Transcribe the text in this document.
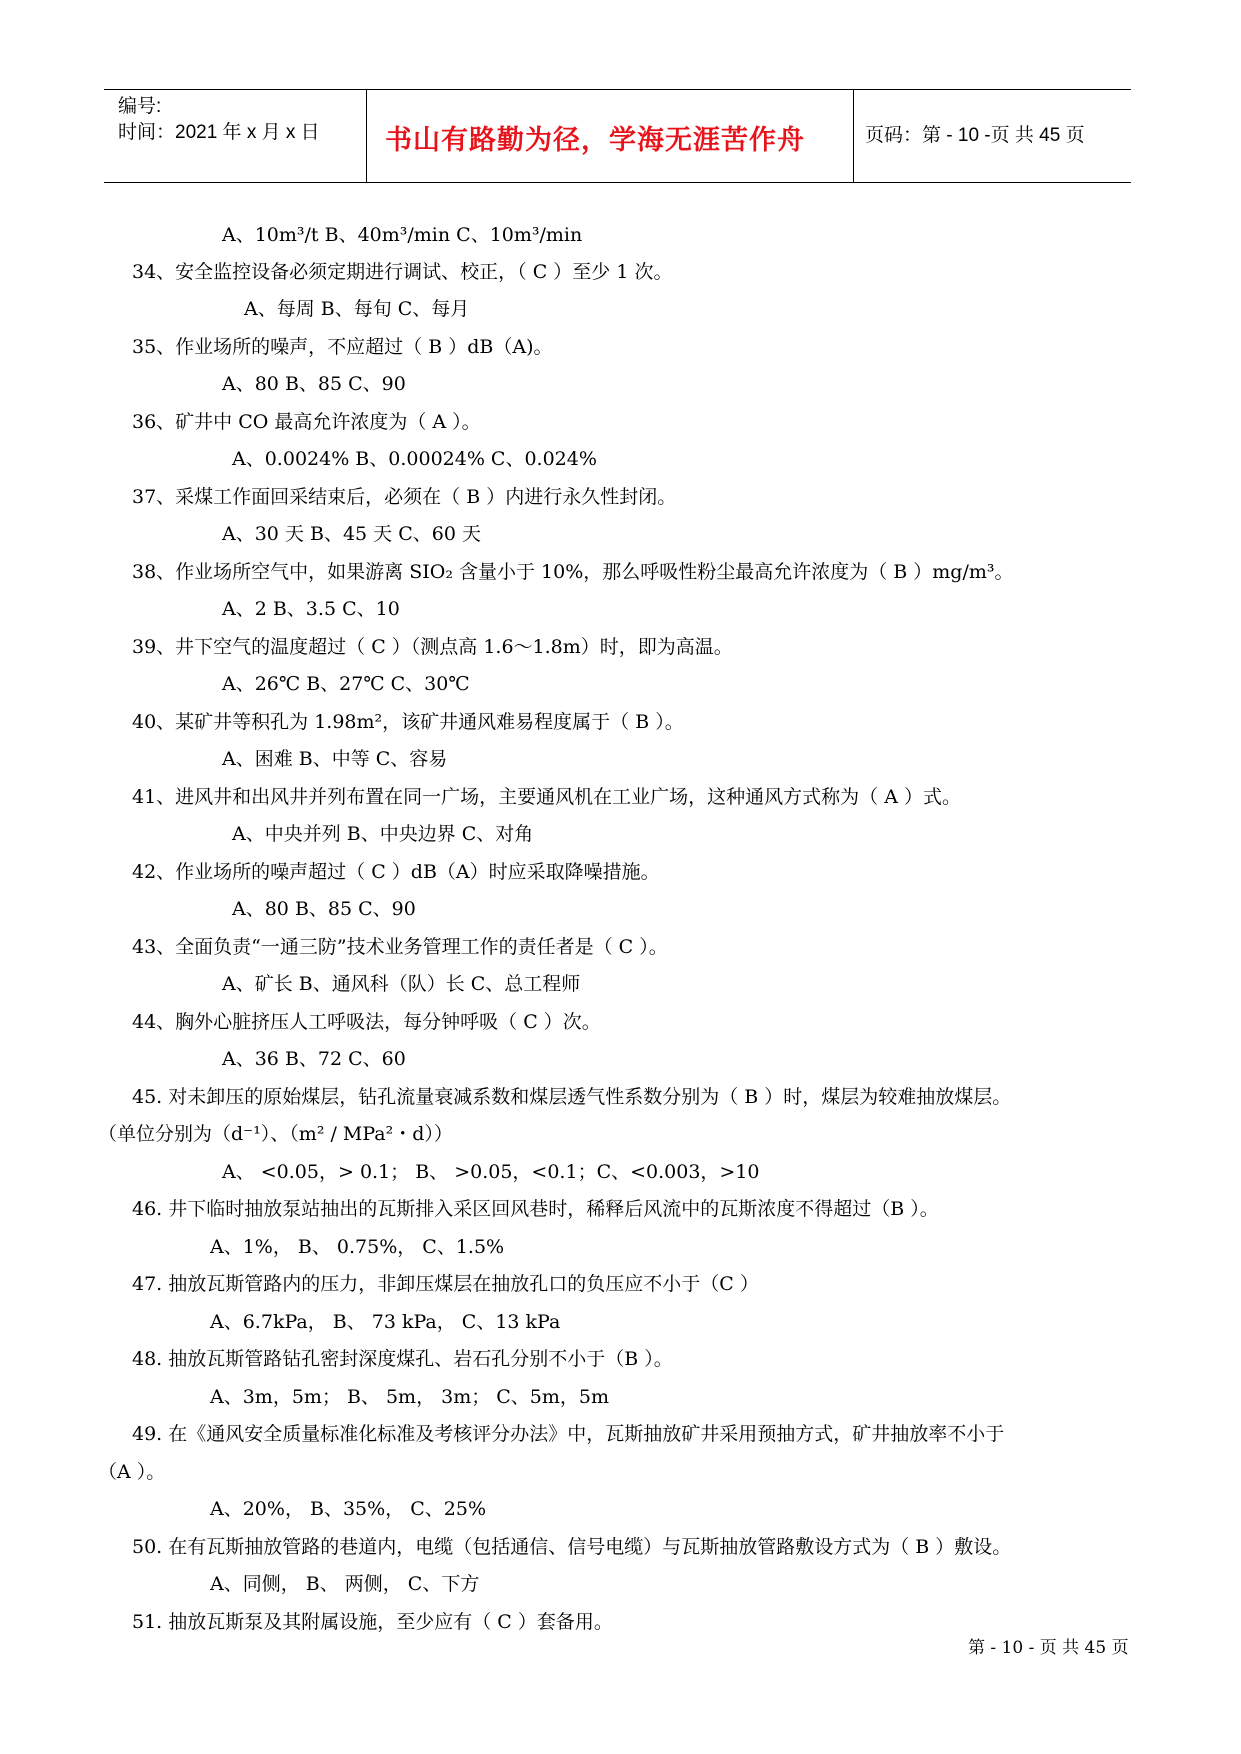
编号:
时间：2021 年 x 月 x 日	书山有路勤为径，学海无涯苦作舟	页码：第 - 10 -页 共 45 页
A、10m³/t B、40m³/min C、10m³/min
34、安全监控设备必须定期进行调试、校正，（ C ）至少 1 次。
A、每周 B、每旬 C、每月
35、作业场所的噪声，不应超过（ B ）dB（A)。
A、80 B、85 C、90
36、矿井中 CO 最高允许浓度为（ A ）。
A、0.0024% B、0.00024% C、0.024%
37、采煤工作面回采结束后，必须在（ B ）内进行永久性封闭。
A、30 天 B、45 天 C、60 天
38、作业场所空气中，如果游离 SIO₂ 含量小于 10%，那么呼吸性粉尘最高允许浓度为（ B ）mg/m³。
A、2 B、3.5 C、10
39、井下空气的温度超过（ C ）（测点高 1.6～1.8m）时，即为高温。
A、26℃ B、27℃ C、30℃
40、某矿井等积孔为 1.98m²，该矿井通风难易程度属于（ B ）。
A、困难 B、中等 C、容易
41、进风井和出风井并列布置在同一广场，主要通风机在工业广场，这种通风方式称为（ A ）式。
A、中央并列 B、中央边界 C、对角
42、作业场所的噪声超过（ C ）dB（A）时应采取降噪措施。
A、80 B、85 C、90
43、全面负责“一通三防”技术业务管理工作的责任者是（ C ）。
A、矿长 B、通风科（队）长 C、总工程师
44、胸外心脏挤压人工呼吸法，每分钟呼吸（ C ）次。
A、36 B、72 C、60
45. 对未卸压的原始煤层，钻孔流量衰减系数和煤层透气性系数分别为（ B ）时，煤层为较难抽放煤层。
（单位分别为（d⁻¹）、（m² / MPa²・d））
A、 <0.05，> 0.1； B、 >0.05，<0.1；C、<0.003，>10
46. 井下临时抽放泵站抽出的瓦斯排入采区回风巷时，稀释后风流中的瓦斯浓度不得超过（B ）。
A、1%， B、 0.75%， C、1.5%
47. 抽放瓦斯管路内的压力，非卸压煤层在抽放孔口的负压应不小于（C ）
A、6.7kPa， B、 73 kPa， C、13 kPa
48. 抽放瓦斯管路钻孔密封深度煤孔、岩石孔分别不小于（B ）。
A、3m，5m； B、 5m， 3m； C、5m，5m
49. 在《通风安全质量标准化标准及考核评分办法》中，瓦斯抽放矿井采用预抽方式，矿井抽放率不小于
（A ）。
A、20%， B、35%， C、25%
50. 在有瓦斯抽放管路的巷道内，电缆（包括通信、信号电缆）与瓦斯抽放管路敷设方式为（ B ）敷设。
A、同侧， B、 两侧， C、下方
51. 抽放瓦斯泵及其附属设施，至少应有（ C ）套备用。
第 - 10 - 页 共 45 页
